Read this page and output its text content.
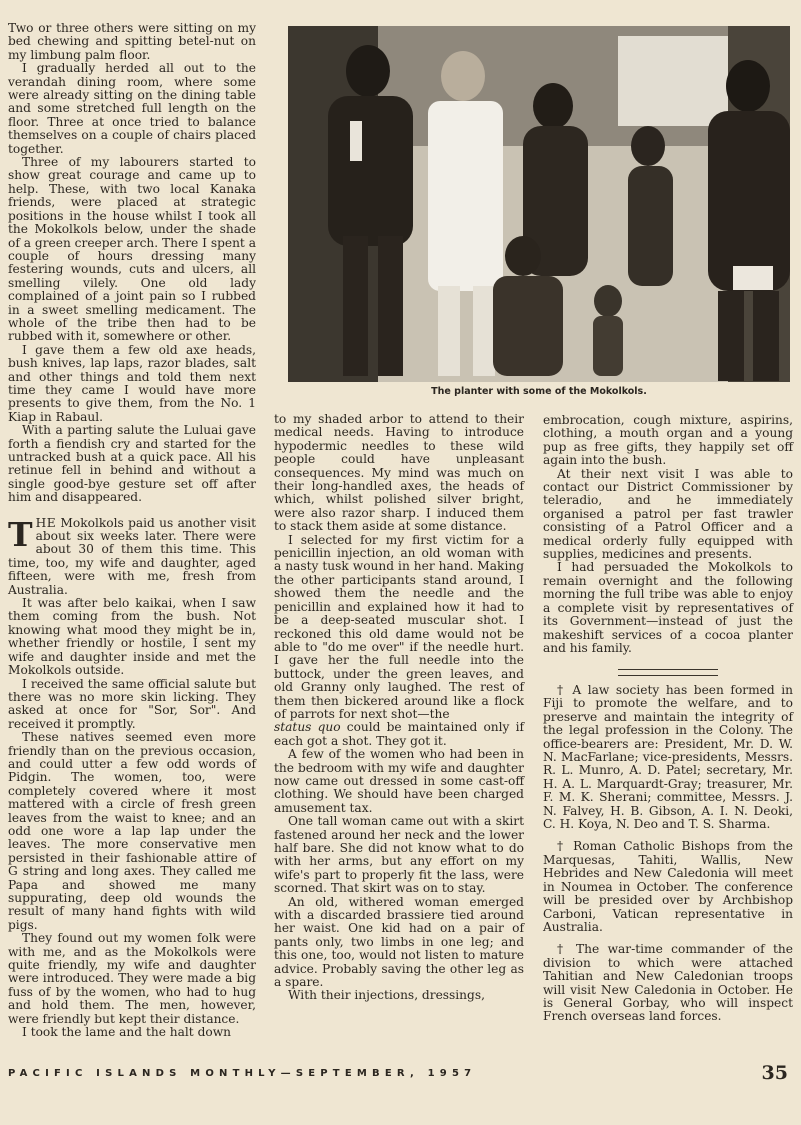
Two or three others were sitting on my bed chewing and spitting betel-nut on my limbung palm floor.

I gradually herded all out to the verandah dining room, where some were already sitting on the dining table and some stretched full length on the floor. Three at once tried to balance themselves on a couple of chairs placed together.

Three of my labourers started to show great courage and came up to help. These, with two local Kanaka friends, were placed at strategic positions in the house whilst I took all the Mokolkols below, under the shade of a green creeper arch. There I spent a couple of hours dressing many festering wounds, cuts and ulcers, all smelling vilely. One old lady complained of a joint pain so I rubbed in a sweet smelling medicament. The whole of the tribe then had to be rubbed with it, somewhere or other.

I gave them a few old axe heads, bush knives, lap laps, razor blades, salt and other things and told them next time they came I would have more presents to give them, from the No. 1 Kiap in Rabaul.

With a parting salute the Luluai gave forth a fiendish cry and started for the untracked bush at a quick pace. All his retinue fell in behind and without a single good-bye gesture set off after him and disappeared.

THE Mokolkols paid us another visit about six weeks later. There were about 30 of them this time. This time, too, my wife and daughter, aged fifteen, were with me, fresh from Australia.

It was after belo kaikai, when I saw them coming from the bush. Not knowing what mood they might be in, whether friendly or hostile, I sent my wife and daughter inside and met the Mokolkols outside.

I received the same official salute but there was no more skin licking. They asked at once for "Sor, Sor". And received it promptly.

These natives seemed even more friendly than on the previous occasion, and could utter a few odd words of Pidgin. The women, too, were completely covered where it most mattered with a circle of fresh green leaves from the waist to knee; and an odd one wore a lap lap under the leaves. The more conservative men persisted in their fashionable attire of G string and long axes. They called me Papa and showed me many suppurating, deep old wounds the result of many hand fights with wild pigs.

They found out my women folk were with me, and as the Mokolkols were quite friendly, my wife and daughter were introduced. They were made a big fuss of by the women, who had to hug and hold them. The men, however, were friendly but kept their distance.

I took the lame and the halt down

The planter with some of the Mokolkols.

to my shaded arbor to attend to their medical needs. Having to introduce hypodermic needles to these wild people could have unpleasant consequences. My mind was much on their long-handled axes, the heads of which, whilst polished silver bright, were also razor sharp. I induced them to stack them aside at some distance.

I selected for my first victim for a penicillin injection, an old woman with a nasty tusk wound in her hand. Making the other participants stand around, I showed them the needle and the penicillin and explained how it had to be a deep-seated muscular shot. I reckoned this old dame would not be able to "do me over" if the needle hurt. I gave her the full needle into the buttock, under the green leaves, and old Granny only laughed. The rest of them then bickered around like a flock of parrots for next shot—the

status quo could be maintained only if each got a shot. They got it.

A few of the women who had been in the bedroom with my wife and daughter now came out dressed in some cast-off clothing. We should have been charged amusement tax.

One tall woman came out with a skirt fastened around her neck and the lower half bare. She did not know what to do with her arms, but any effort on my wife's part to properly fit the lass, were scorned. That skirt was on to stay.

An old, withered woman emerged with a discarded brassiere tied around her waist. One kid had on a pair of pants only, two limbs in one leg; and this one, too, would not listen to mature advice. Probably saving the other leg as a spare.

With their injections, dressings,

embrocation, cough mixture, aspirins, clothing, a mouth organ and a young pup as free gifts, they happily set off again into the bush.

At their next visit I was able to contact our District Commissioner by teleradio, and he immediately organised a patrol per fast trawler consisting of a Patrol Officer and a medical orderly fully equipped with supplies, medicines and presents.

I had persuaded the Mokolkols to remain overnight and the following morning the full tribe was able to enjoy a complete visit by representatives of its Government—instead of just the makeshift services of a cocoa planter and his family.

† A law society has been formed in Fiji to promote the welfare, and to preserve and maintain the integrity of the legal profession in the Colony. The office-bearers are: President, Mr. D. W. N. MacFarlane; vice-presidents, Messrs. R. L. Munro, A. D. Patel; secretary, Mr. H. A. L. Marquardt-Gray; treasurer, Mr. F. M. K. Sherani; committee, Messrs. J. N. Falvey, H. B. Gibson, A. I. N. Deoki, C. H. Koya, N. Deo and T. S. Sharma.

† Roman Catholic Bishops from the Marquesas, Tahiti, Wallis, New Hebrides and New Caledonia will meet in Noumea in October. The conference will be presided over by Archbishop Carboni, Vatican representative in Australia.

† The war-time commander of the division to which were attached Tahitian and New Caledonian troops will visit New Caledonia in October. He is General Gorbay, who will inspect French overseas land forces.

PACIFIC ISLANDS MONTHLY—SEPTEMBER, 1957	35
